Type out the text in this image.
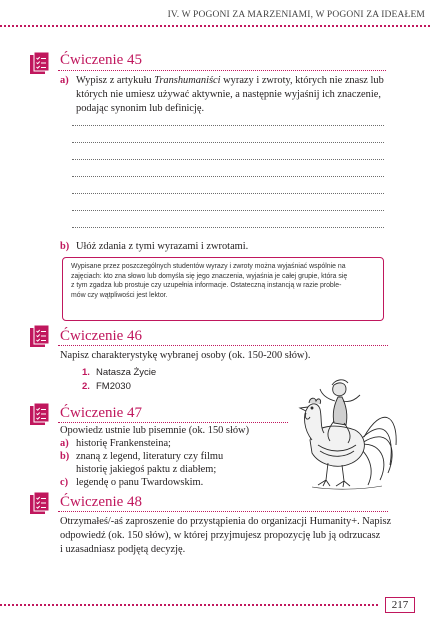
IV. W POGONI ZA MARZENIAMI, W POGONI ZA IDEAŁEM
Ćwiczenie 45
a) Wypisz z artykułu Transhumaniści wyrazy i zwroty, których nie znasz lub
których nie umiesz używać aktywnie, a następnie wyjaśnij ich znaczenie,
podając synonim lub definicję.
b) Ułóż zdania z tymi wyrazami i zwrotami.
Wypisane przez poszczególnych studentów wyrazy i zwroty można wyjaśniać wspólnie na
zajęciach: kto zna słowo lub domyśla się jego znaczenia, wyjaśnia je całej grupie, która się
z tym zgadza lub prostuje czy uzupełnia informacje. Ostateczną instancją w razie proble-
mów czy wątpliwości jest lektor.
Ćwiczenie 46
Napisz charakterystykę wybranej osoby (ok. 150-200 słów).
1. Natasza Życie
2. FM2030
Ćwiczenie 47
Opowiedz ustnie lub pisemnie (ok. 150 słów)
a) historię Frankensteina;
b) znaną z legend, literatury czy filmu
historię jakiegoś paktu z diabłem;
c) legendę o panu Twardowskim.
Ćwiczenie 48
Otrzymałeś/-aś zaproszenie do przystąpienia do organizacji Humanity+. Napisz
odpowiedź (ok. 150 słów), w której przyjmujesz propozycję lub ją odrzucasz
i uzasadniasz podjętą decyzję.
217
